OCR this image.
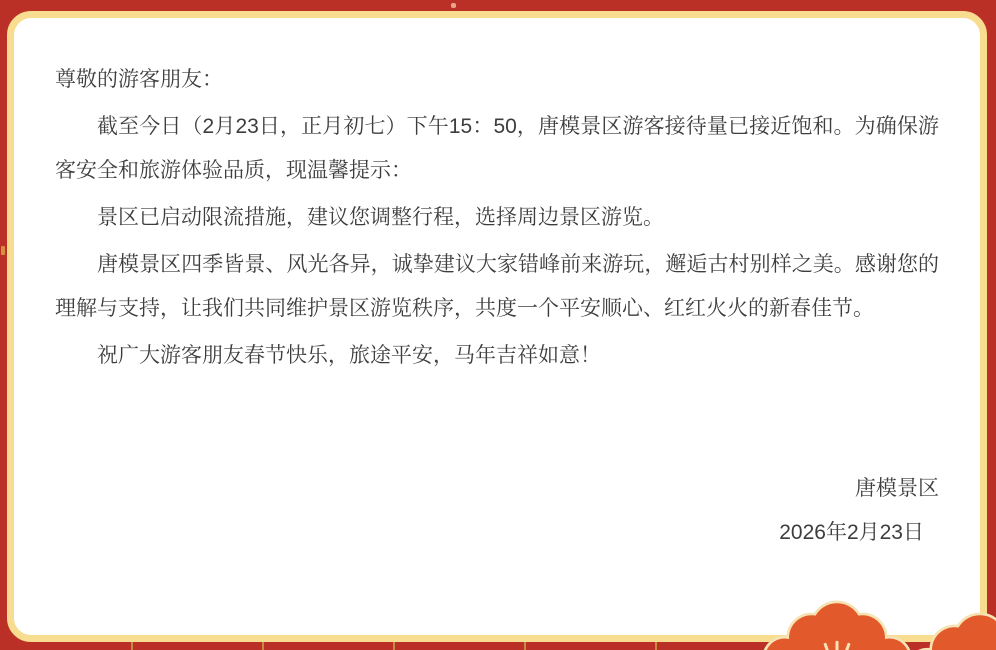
尊敬的游客朋友：

截至今日（2月23日，正月初七）下午15：50，唐模景区游客接待量已接近饱和。为确保游客安全和旅游体验品质，现温馨提示：

景区已启动限流措施，建议您调整行程，选择周边景区游览。

唐模景区四季皆景、风光各异，诚挚建议大家错峰前来游玩，邂逅古村别样之美。感谢您的理解与支持，让我们共同维护景区游览秩序，共度一个平安顺心、红红火火的新春佳节。

祝广大游客朋友春节快乐，旅途平安，马年吉祥如意！

唐模景区
2026年2月23日
